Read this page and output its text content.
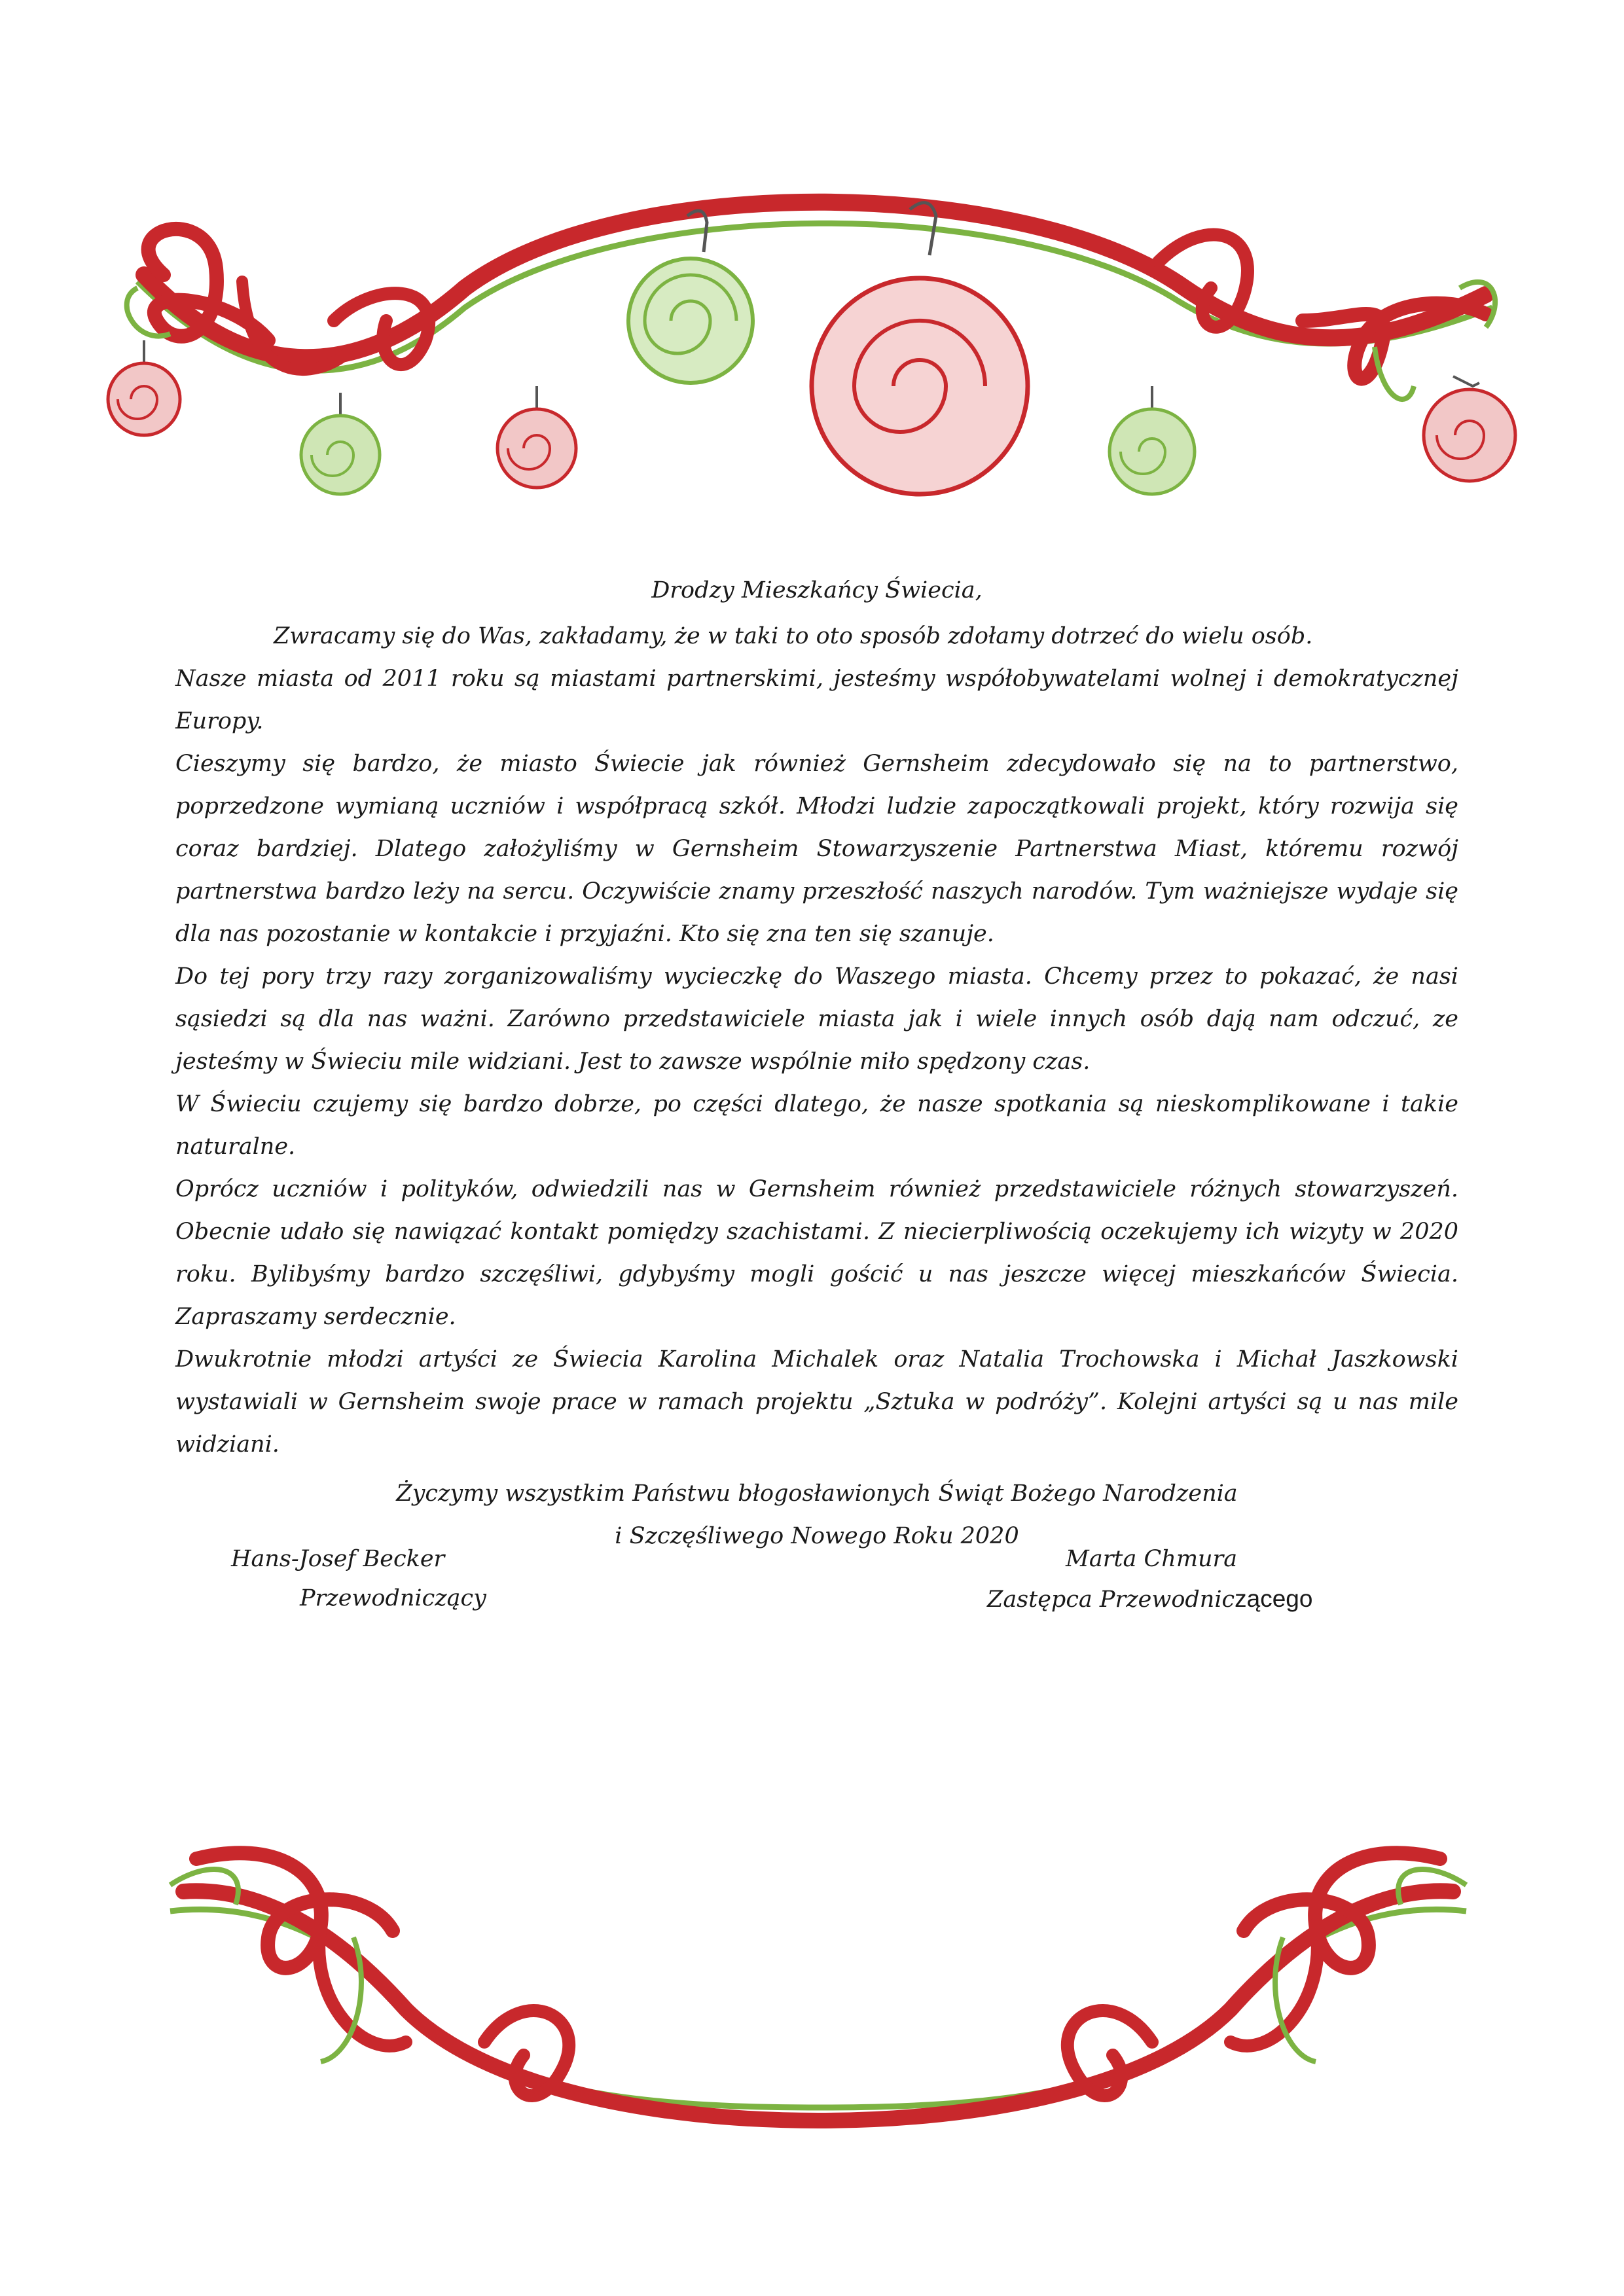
Drodzy Mieszkańcy Świecia,

Zwracamy się do Was, zakładamy, że w taki to oto sposób zdołamy dotrzeć do wielu osób.

Nasze miasta od 2011 roku są miastami partnerskimi, jesteśmy współobywatelami wolnej i demokratycznej Europy.

Cieszymy się bardzo, że miasto Świecie jak również Gernsheim zdecydowało się na to partnerstwo, poprzedzone wymianą uczniów i współpracą szkół. Młodzi ludzie zapoczątkowali projekt, który rozwija się coraz bardziej. Dlatego założyliśmy w Gernsheim Stowarzyszenie Partnerstwa Miast, któremu rozwój partnerstwa bardzo leży na sercu. Oczywiście znamy przeszłość naszych narodów. Tym ważniejsze wydaje się dla nas pozostanie w kontakcie i przyjaźni. Kto się zna ten się szanuje.

Do tej pory trzy razy zorganizowaliśmy wycieczkę do Waszego miasta. Chcemy przez to pokazać, że nasi sąsiedzi są dla nas ważni. Zarówno przedstawiciele miasta jak i wiele innych osób dają nam odczuć, ze jesteśmy w Świeciu mile widziani. Jest to zawsze wspólnie miło spędzony czas.

W Świeciu czujemy się bardzo dobrze, po części dlatego, że nasze spotkania są nieskomplikowane i takie naturalne.

Oprócz uczniów i polityków, odwiedzili nas w Gernsheim również przedstawiciele różnych stowarzyszeń. Obecnie udało się nawiązać kontakt pomiędzy szachistami. Z niecierpliwością oczekujemy ich wizyty w 2020 roku. Bylibyśmy bardzo szczęśliwi, gdybyśmy mogli gościć u nas jeszcze więcej mieszkańców Świecia. Zapraszamy serdecznie.

Dwukrotnie młodzi artyści ze Świecia Karolina Michalek oraz Natalia Trochowska i Michał Jaszkowski wystawiali w Gernsheim swoje prace w ramach projektu „Sztuka w podróży”. Kolejni artyści są u nas mile widziani.

Życzymy wszystkim Państwu błogosławionych Świąt Bożego Narodzenia
i Szczęśliwego Nowego Roku 2020

Hans-Josef Becker
Przewodniczący
Marta Chmura
Zastępca Przewodniczącego
